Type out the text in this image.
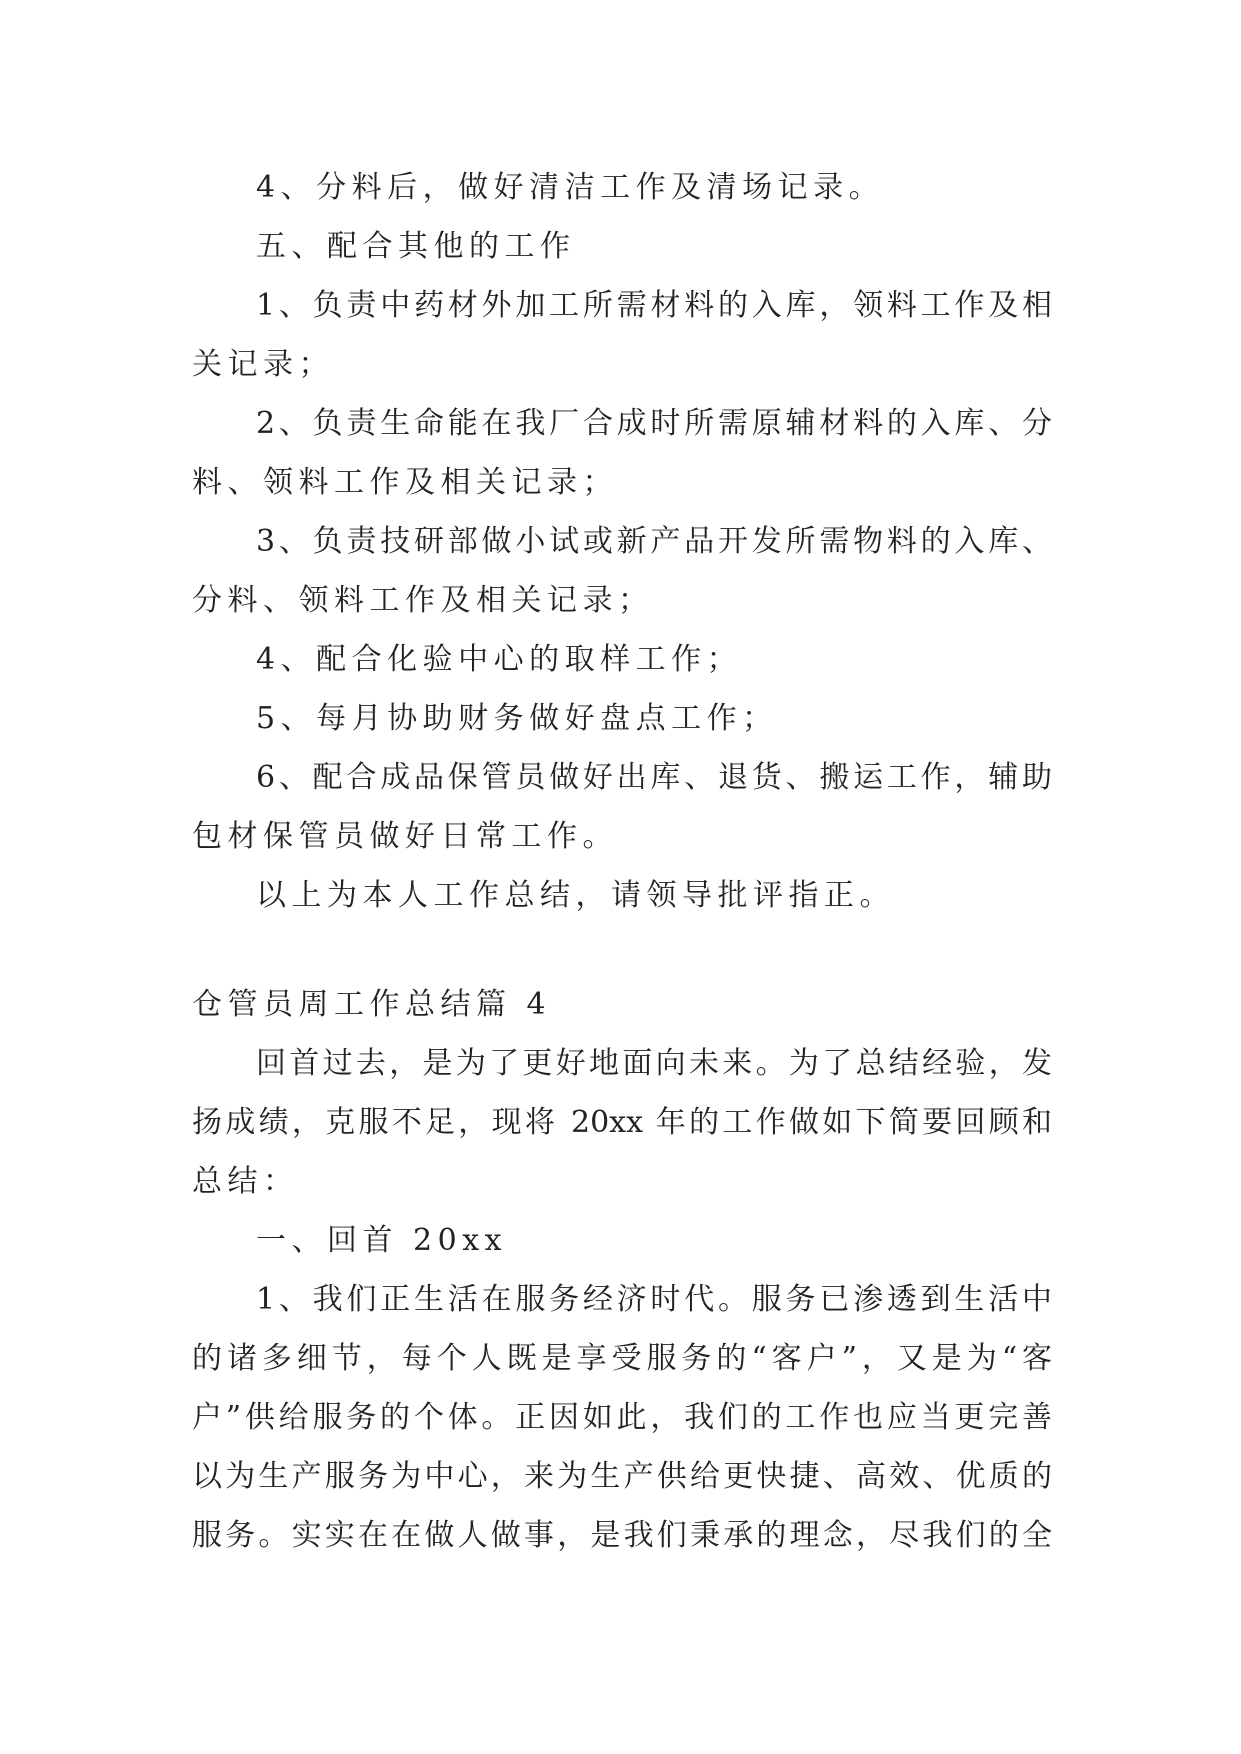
4、分料后，做好清洁工作及清场记录。
五、配合其他的工作
1、负责中药材外加工所需材料的入库，领料工作及相
关记录；
2、负责生命能在我厂合成时所需原辅材料的入库、分
料、领料工作及相关记录；
3、负责技研部做小试或新产品开发所需物料的入库、
分料、领料工作及相关记录；
4、配合化验中心的取样工作；
5、每月协助财务做好盘点工作；
6、配合成品保管员做好出库、退货、搬运工作，辅助
包材保管员做好日常工作。
以上为本人工作总结，请领导批评指正。
仓管员周工作总结篇 4
回首过去，是为了更好地面向未来。为了总结经验，发
扬成绩，克服不足，现将 20xx 年的工作做如下简要回顾和
总结：
一、回首 20xx
1、我们正生活在服务经济时代。服务已渗透到生活中
的诸多细节，每个人既是享受服务的“客户”，又是为“客
户”供给服务的个体。正因如此，我们的工作也应当更完善
以为生产服务为中心，来为生产供给更快捷、高效、优质的
服务。实实在在做人做事，是我们秉承的理念，尽我们的全
